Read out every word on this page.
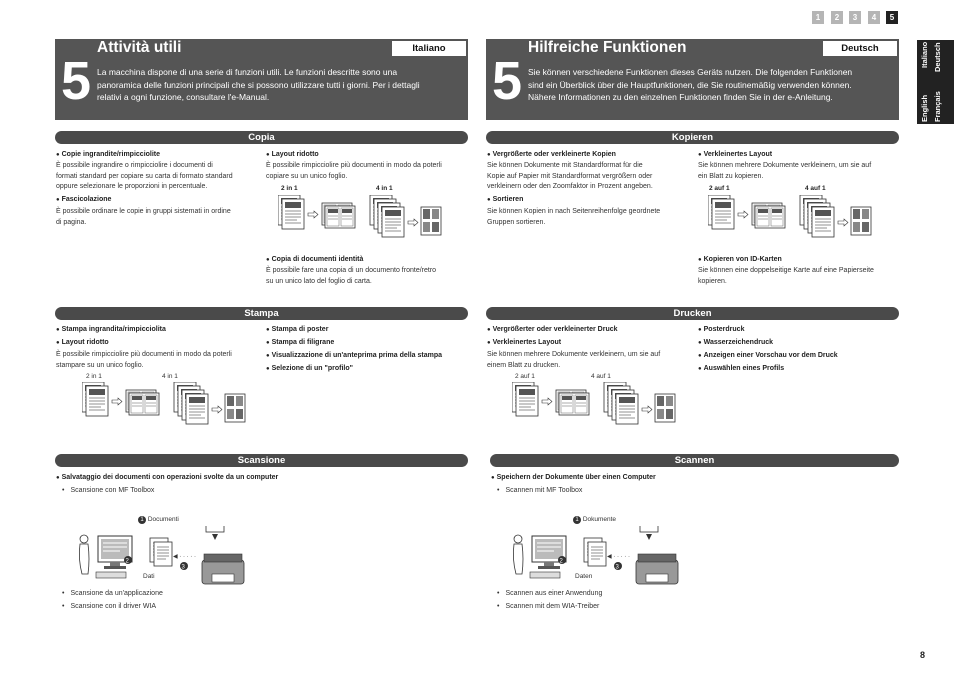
1	2	3	4	5
English
Italiano
Français
Deutsch
5
Attività utili	Italiano
La macchina dispone di una serie di funzioni utili. Le funzioni descritte sono una
panoramica delle funzioni principali che si possono utilizzare tutti i giorni. Per i dettagli
relativi a ogni funzione, consultare l'e-Manual.	5
Hilfreiche Funktionen	Deutsch
Sie können verschiedene Funktionen dieses Geräts nutzen. Die folgenden Funktionen
sind ein Überblick über die Hauptfunktionen, die Sie routinemäßig verwenden können.
Nähere Informationen zu den einzelnen Funktionen finden Sie in der e-Anleitung.
Copia
● Copie ingrandite/rimpicciolite
È possibile ingrandire o rimpicciolire i documenti di
formati standard per copiare su carta di formato standard
oppure selezionare le proporzioni in percentuale.
● Fascicolazione
È possibile ordinare le copie in gruppi sistemati in ordine
di pagina.
● Layout ridotto
È possibile rimpicciolire più documenti in modo da poterli
copiare su un unico foglio.
2 in 1	4 in 1
● Copia di documenti identità
È possibile fare una copia di un documento fronte/retro
su un unico lato del foglio di carta.
Stampa
● Stampa ingrandita/rimpicciolita
● Layout ridotto
È possibile rimpicciolire più documenti in modo da poterli
stampare su un unico foglio.
2 in 1	4 in 1
● Stampa di poster
● Stampa di filigrane
● Visualizzazione di un'anteprima prima della stampa
● Selezione di un "profilo"
Scansione
● Salvataggio dei documenti con operazioni svolte da un computer
• Scansione con MF Toolbox
1 Documenti
Dati
• Scansione da un'applicazione
• Scansione con il driver WIA
Kopieren
● Vergrößerte oder verkleinerte Kopien
Sie können Dokumente mit Standardformat für die
Kopie auf Papier mit Standardformat vergrößern oder
verkleinern oder den Zoomfaktor in Prozent angeben.
● Sortieren
Sie können Kopien in nach Seitenreihenfolge geordnete
Gruppen sortieren.
● Verkleinertes Layout
Sie können mehrere Dokumente verkleinern, um sie auf
ein Blatt zu kopieren.
2 auf 1	4 auf 1
● Kopieren von ID-Karten
Sie können eine doppelseitige Karte auf eine Papierseite
kopieren.
Drucken
● Vergrößerter oder verkleinerter Druck
● Verkleinertes Layout
Sie können mehrere Dokumente verkleinern, um sie auf
einem Blatt zu drucken.
2 auf 1	4 auf 1
● Posterdruck
● Wasserzeichendruck
● Anzeigen einer Vorschau vor dem Druck
● Auswählen eines Profils
Scannen
● Speichern der Dokumente über einen Computer
• Scannen mit MF Toolbox
1 Dokumente
Daten
• Scannen aus einer Anwendung
• Scannen mit dem WIA-Treiber
8
